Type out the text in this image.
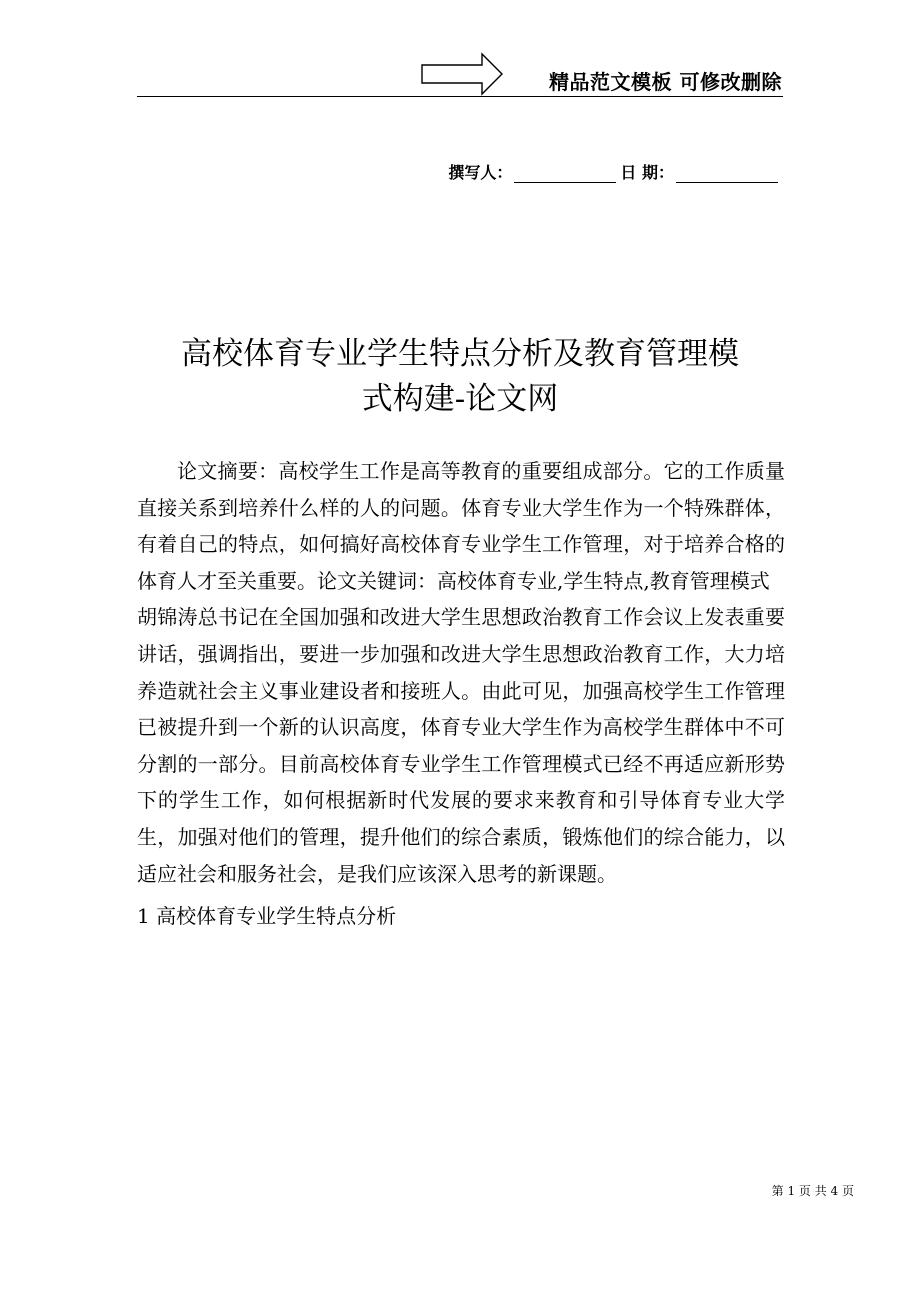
精品范文模板 可修改删除
撰写人：	日 期：
高校体育专业学生特点分析及教育管理模
式构建-论文网

论文摘要：高校学生工作是高等教育的重要组成部分。它的工作质量直接关系到培养什么样的人的问题。体育专业大学生作为一个特殊群体，有着自己的特点，如何搞好高校体育专业学生工作管理，对于培养合格的体育人才至关重要。论文关键词：高校体育专业,学生特点,教育管理模式

胡锦涛总书记在全国加强和改进大学生思想政治教育工作会议上发表重要讲话，强调指出，要进一步加强和改进大学生思想政治教育工作，大力培养造就社会主义事业建设者和接班人。由此可见，加强高校学生工作管理已被提升到一个新的认识高度，体育专业大学生作为高校学生群体中不可分割的一部分。目前高校体育专业学生工作管理模式已经不再适应新形势下的学生工作，如何根据新时代发展的要求来教育和引导体育专业大学生，加强对他们的管理，提升他们的综合素质，锻炼他们的综合能力，以适应社会和服务社会，是我们应该深入思考的新课题。

1 高校体育专业学生特点分析

第 1 页 共 4 页
